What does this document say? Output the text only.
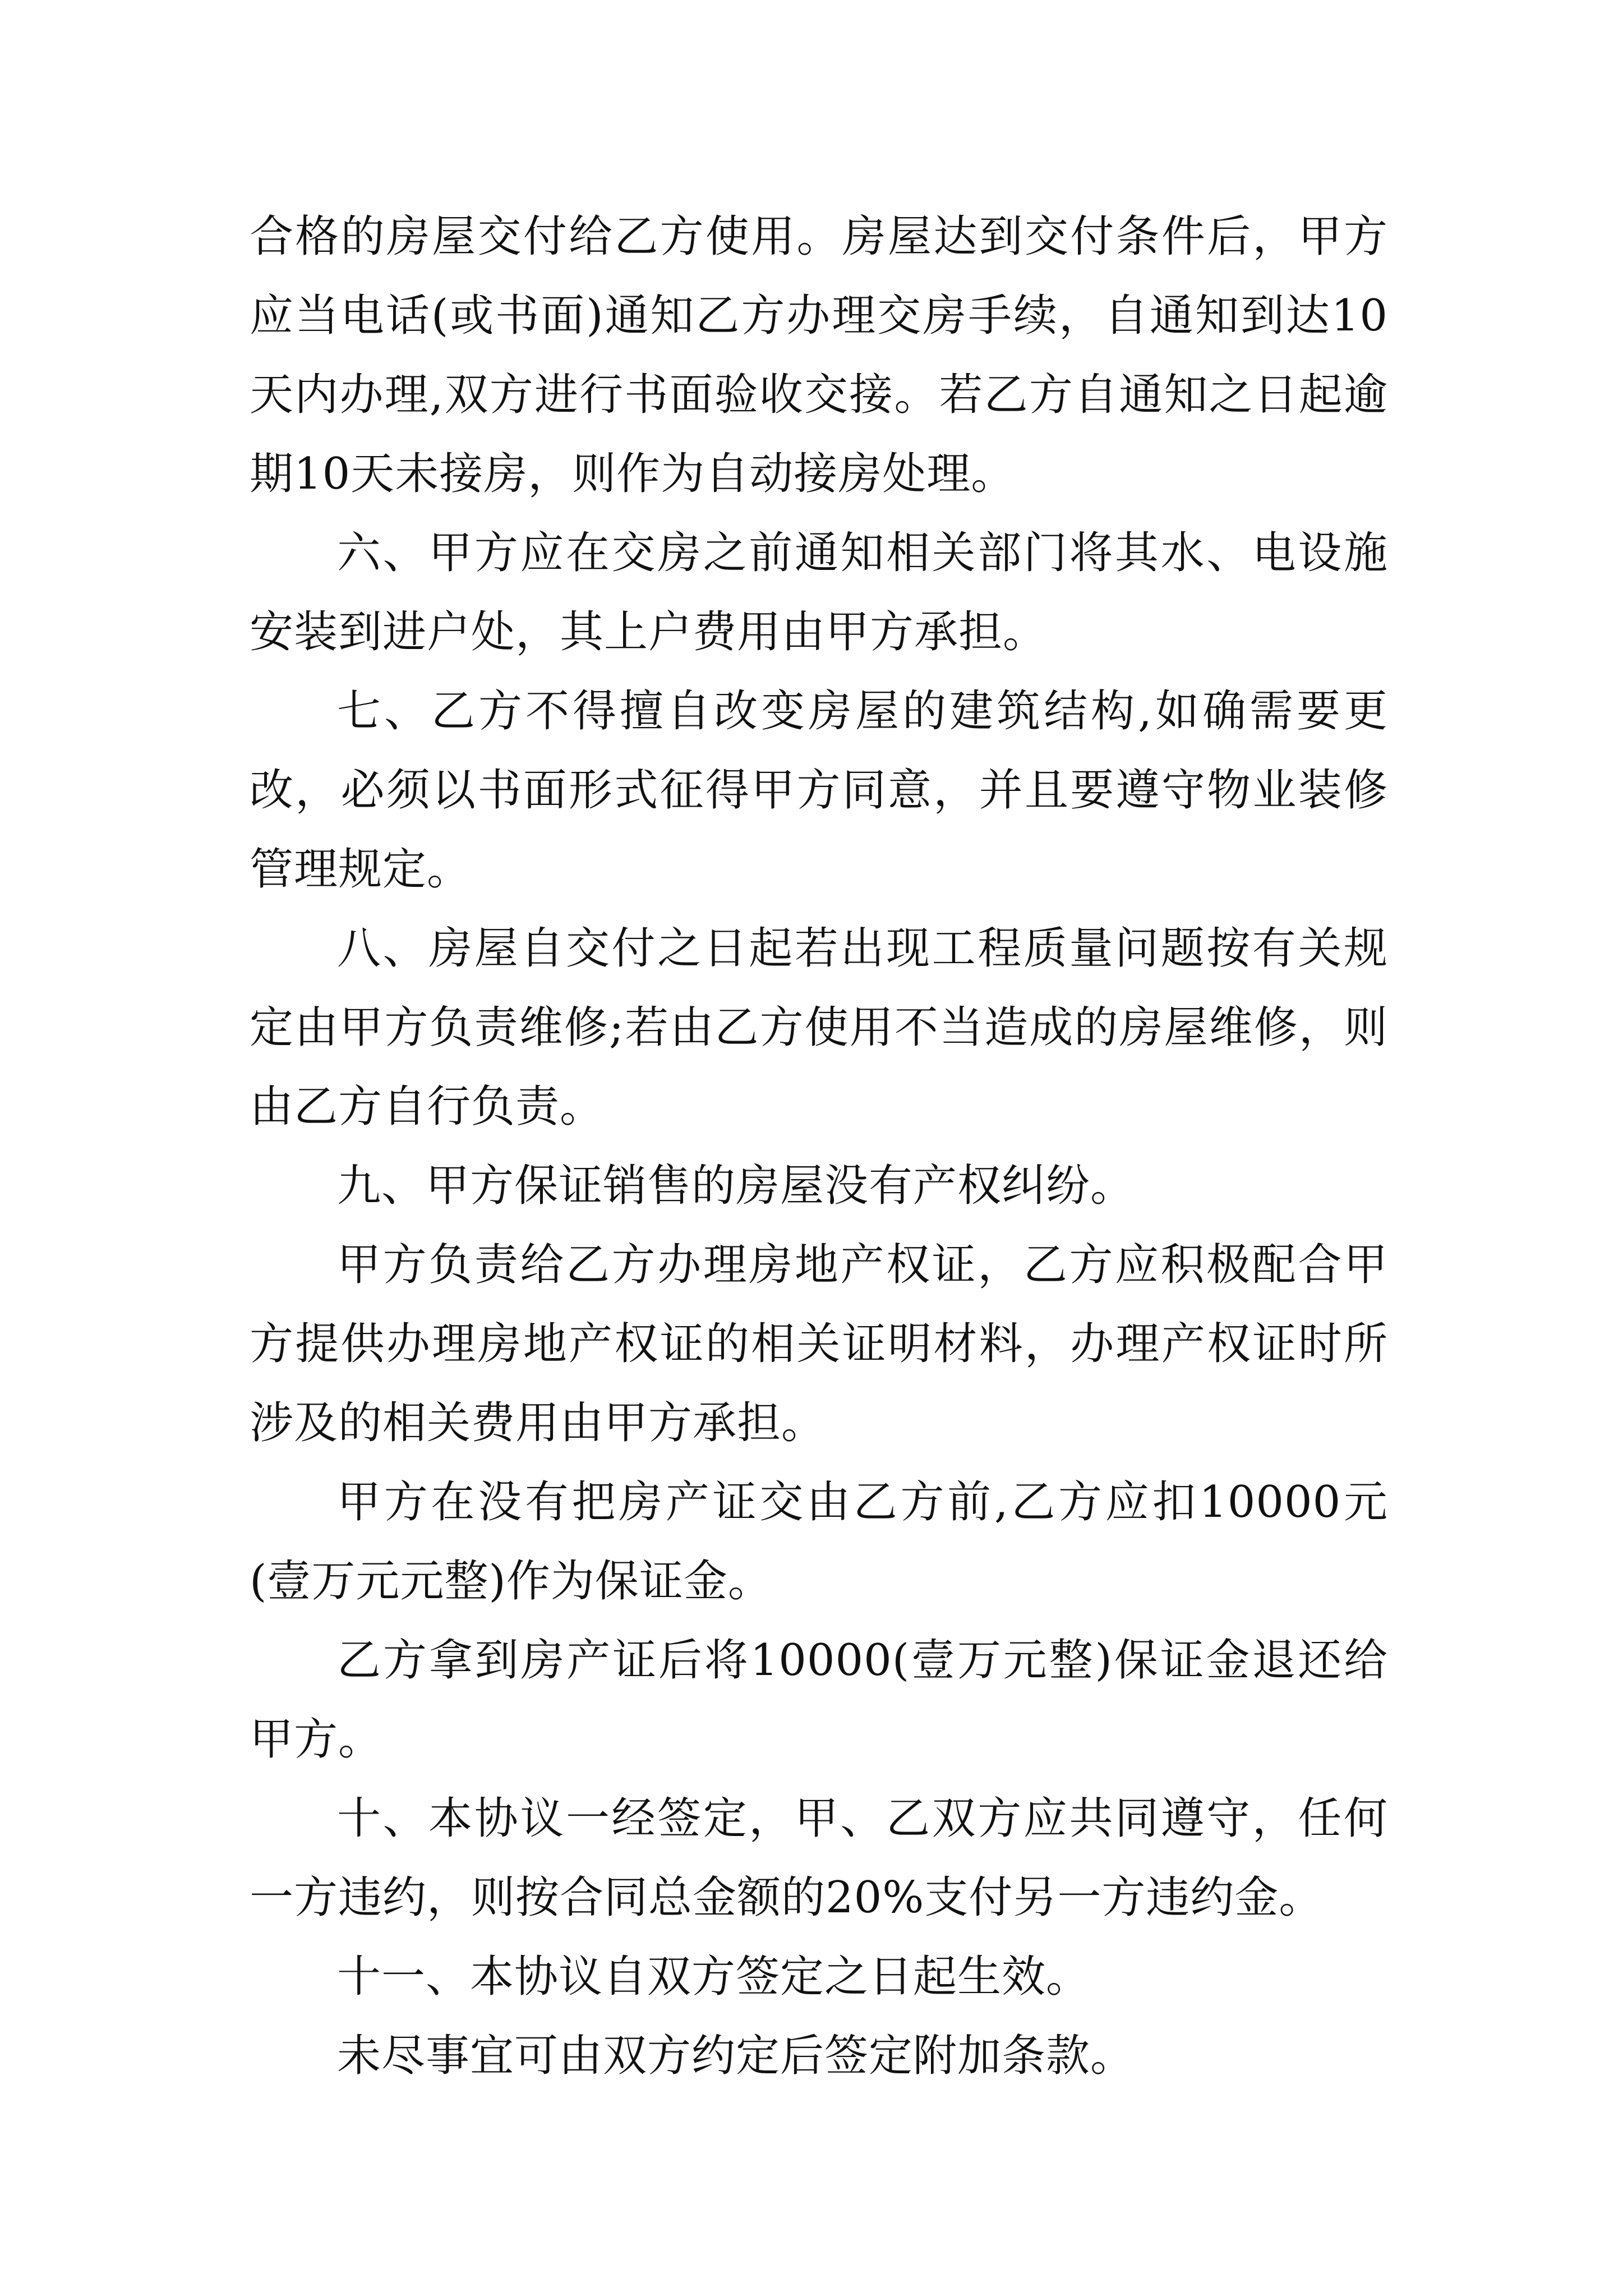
合格的房屋交付给乙方使用。房屋达到交付条件后，甲方应当电话(或书面)通知乙方办理交房手续，自通知到达10天内办理,双方进行书面验收交接。若乙方自通知之日起逾期10天未接房，则作为自动接房处理。

六、甲方应在交房之前通知相关部门将其水、电设施安装到进户处，其上户费用由甲方承担。

七、乙方不得擅自改变房屋的建筑结构,如确需要更改，必须以书面形式征得甲方同意，并且要遵守物业装修管理规定。

八、房屋自交付之日起若出现工程质量问题按有关规定由甲方负责维修;若由乙方使用不当造成的房屋维修，则由乙方自行负责。

九、甲方保证销售的房屋没有产权纠纷。

甲方负责给乙方办理房地产权证，乙方应积极配合甲方提供办理房地产权证的相关证明材料，办理产权证时所涉及的相关费用由甲方承担。

甲方在没有把房产证交由乙方前,乙方应扣10000元(壹万元元整)作为保证金。

乙方拿到房产证后将10000(壹万元整)保证金退还给甲方。

十、本协议一经签定，甲、乙双方应共同遵守，任何一方违约，则按合同总金额的20%支付另一方违约金。

十一、本协议自双方签定之日起生效。

未尽事宜可由双方约定后签定附加条款。
